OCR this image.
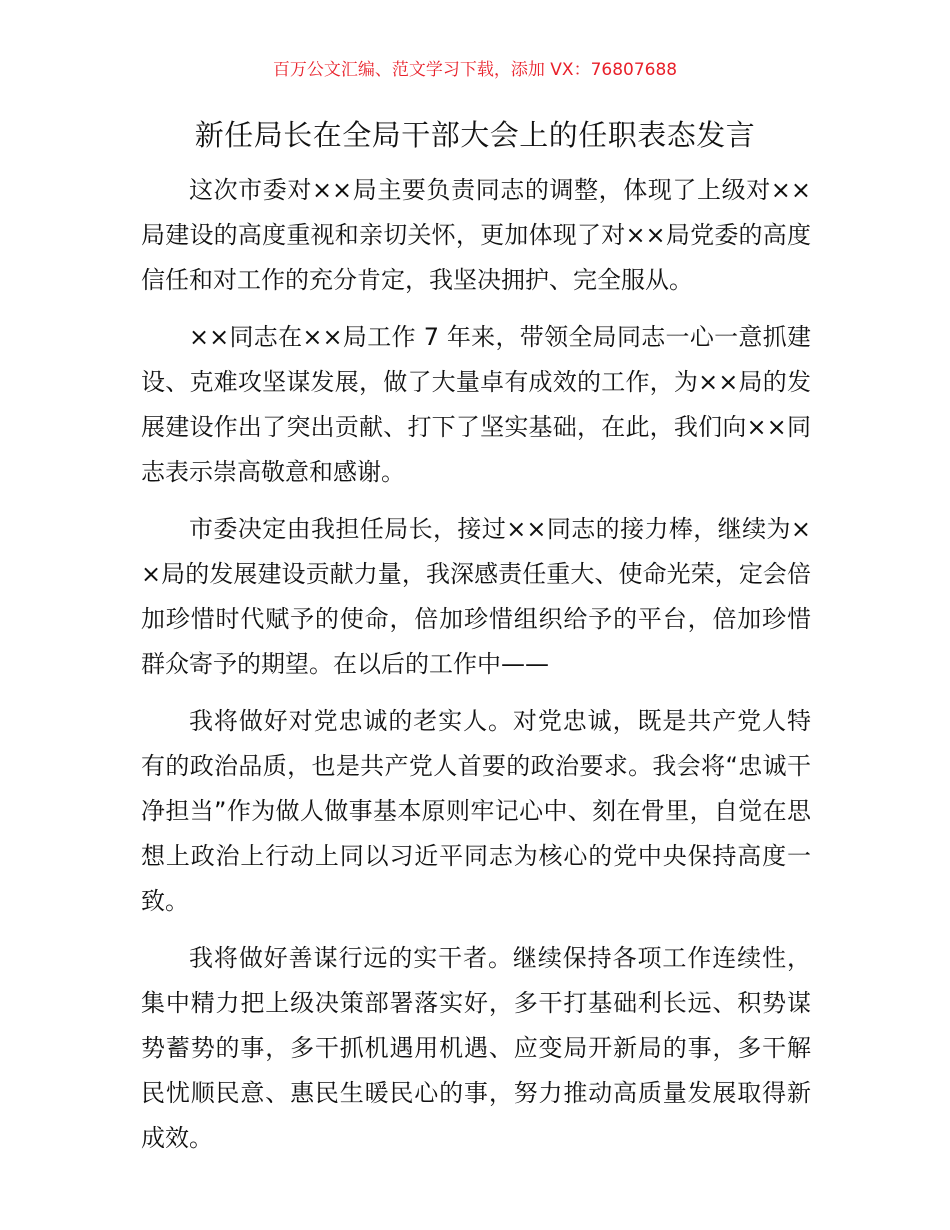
百万公文汇编、范文学习下载，添加 VX：76807688
新任局长在全局干部大会上的任职表态发言

这次市委对××局主要负责同志的调整，体现了上级对××局建设的高度重视和亲切关怀，更加体现了对××局党委的高度信任和对工作的充分肯定，我坚决拥护、完全服从。

××同志在××局工作 7 年来，带领全局同志一心一意抓建设、克难攻坚谋发展，做了大量卓有成效的工作，为××局的发展建设作出了突出贡献、打下了坚实基础，在此，我们向××同志表示崇高敬意和感谢。

市委决定由我担任局长，接过××同志的接力棒，继续为××局的发展建设贡献力量，我深感责任重大、使命光荣，定会倍加珍惜时代赋予的使命，倍加珍惜组织给予的平台，倍加珍惜群众寄予的期望。在以后的工作中——

我将做好对党忠诚的老实人。对党忠诚，既是共产党人特有的政治品质，也是共产党人首要的政治要求。我会将“忠诚干净担当”作为做人做事基本原则牢记心中、刻在骨里，自觉在思想上政治上行动上同以习近平同志为核心的党中央保持高度一致。

我将做好善谋行远的实干者。继续保持各项工作连续性，集中精力把上级决策部署落实好，多干打基础利长远、积势谋势蓄势的事，多干抓机遇用机遇、应变局开新局的事，多干解民忧顺民意、惠民生暖民心的事，努力推动高质量发展取得新成效。
